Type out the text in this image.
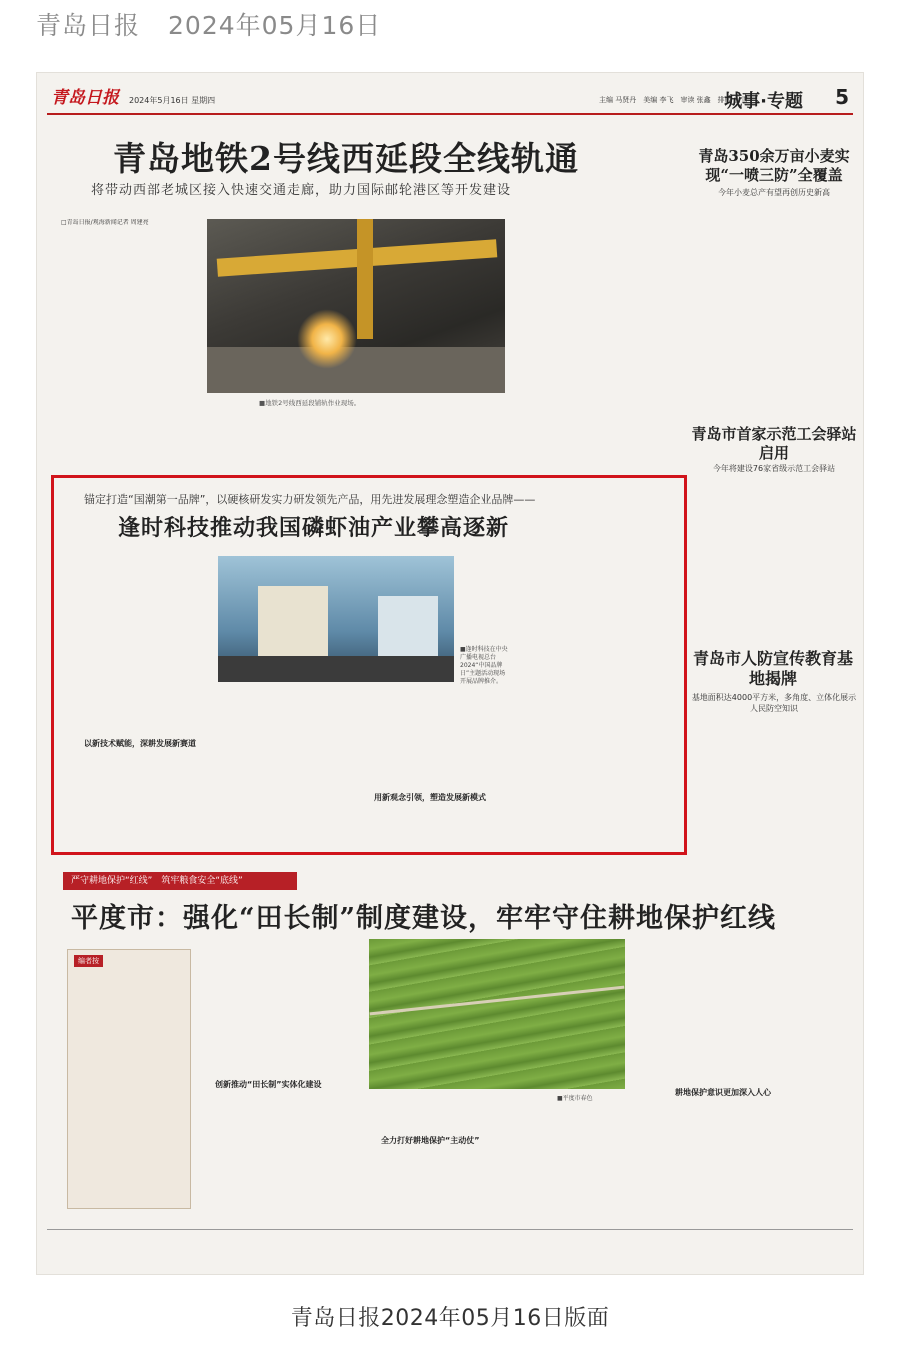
青岛日报 2024年05月16日
青岛日报 2024年5月16日 星期四	主编 马贤丹　美编 李飞　审读 张鑫　排版 吕雪
城事·专题 5
青岛地铁2号线西延段全线轨通
将带动西部老城区接入快速交通走廊，助力国际邮轮港区等开发建设
□青岛日报/观海新闻记者 周建亮
■地铁2号线西延段铺轨作业现场。
青岛350余万亩小麦实现“一喷三防”全覆盖
今年小麦总产有望再创历史新高
青岛市首家示范工会驿站启用
今年将建设76家省级示范工会驿站
青岛市人防宣传教育基地揭牌
基地面积达4000平方米，多角度、立体化展示人民防空知识
锚定打造“国潮第一品牌”，以硬核研发实力研发领先产品，用先进发展理念塑造企业品牌——
逢时科技推动我国磷虾油产业攀高逐新
■逢时科技在中央广播电视总台2024“中国品牌日”主题活动现场开展品牌推介。
以新技术赋能，深耕发展新赛道
用新观念引领，塑造发展新模式
严守耕地保护“红线”　筑牢粮食安全“底线”
平度市：强化“田长制”制度建设，牢牢守住耕地保护红线
编者按
创新推动“田长制”实体化建设
■平度市春色
全力打好耕地保护“主动仗”
耕地保护意识更加深入人心
青岛日报2024年05月16日版面
